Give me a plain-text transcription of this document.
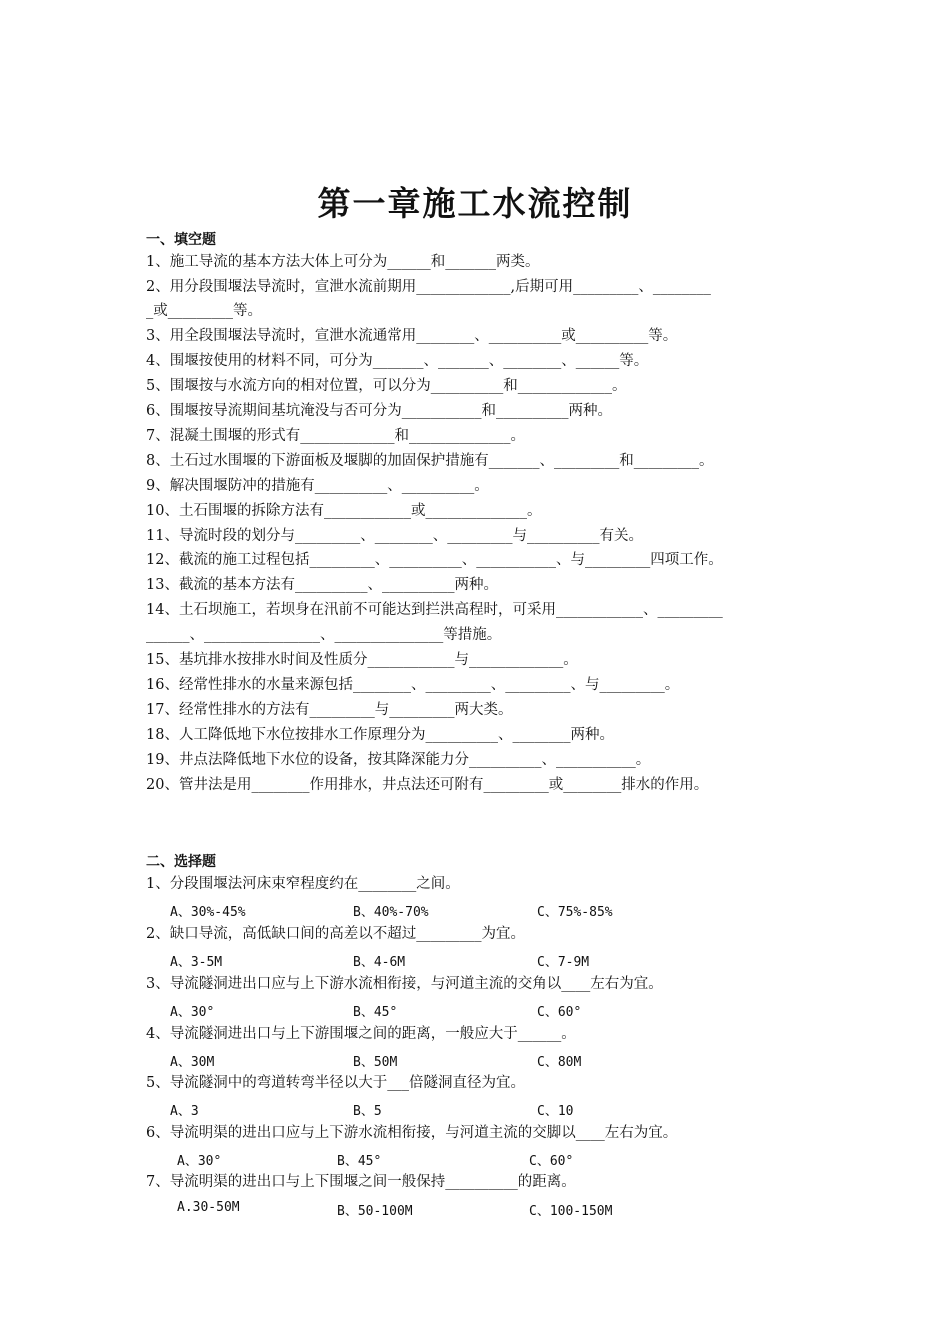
第一章施工水流控制
一、填空题
1、施工导流的基本方法大体上可分为______和_______两类。
2、用分段围堰法导流时，宣泄水流前期用_____________,后期可用_________、________
_或_________等。
3、用全段围堰法导流时，宣泄水流通常用________、__________或__________等。
4、围堰按使用的材料不同，可分为_______、_______、________、______等。
5、围堰按与水流方向的相对位置，可以分为__________和_____________。
6、围堰按导流期间基坑淹没与否可分为___________和__________两种。
7、混凝土围堰的形式有_____________和______________。
8、土石过水围堰的下游面板及堰脚的加固保护措施有_______、_________和_________。
9、解决围堰防冲的措施有__________、__________。
10、土石围堰的拆除方法有____________或______________。
11、导流时段的划分与_________、________、_________与__________有关。
12、截流的施工过程包括_________、__________、___________、与_________四项工作。
13、截流的基本方法有__________、__________两种。
14、土石坝施工，若坝身在汛前不可能达到拦洪高程时，可采用____________、_________
______、________________、_______________等措施。
15、基坑排水按排水时间及性质分____________与_____________。
16、经常性排水的水量来源包括________、_________、_________、与_________。
17、经常性排水的方法有_________与_________两大类。
18、人工降低地下水位按排水工作原理分为__________、________两种。
19、井点法降低地下水位的设备，按其降深能力分__________、___________。
20、管井法是用________作用排水，井点法还可附有_________或________排水的作用。
二、选择题
1、分段围堰法河床束窄程度约在________之间。
A、30%-45%	B、40%-70%	C、75%-85%
2、缺口导流，高低缺口间的高差以不超过_________为宜。
A、3-5M	B、4-6M	C、7-9M
3、导流隧洞进出口应与上下游水流相衔接，与河道主流的交角以____左右为宜。
A、30°	B、45°	C、60°
4、导流隧洞进出口与上下游围堰之间的距离，一般应大于______。
A、30M	B、50M	C、80M
5、导流隧洞中的弯道转弯半径以大于___倍隧洞直径为宜。
A、3	B、5	C、10
6、导流明渠的进出口应与上下游水流相衔接，与河道主流的交脚以____左右为宜。
A、30°	B、45°	C、60°
7、导流明渠的进出口与上下围堰之间一般保持__________的距离。
A.30-50M	B、50-100M	C、100-150M
